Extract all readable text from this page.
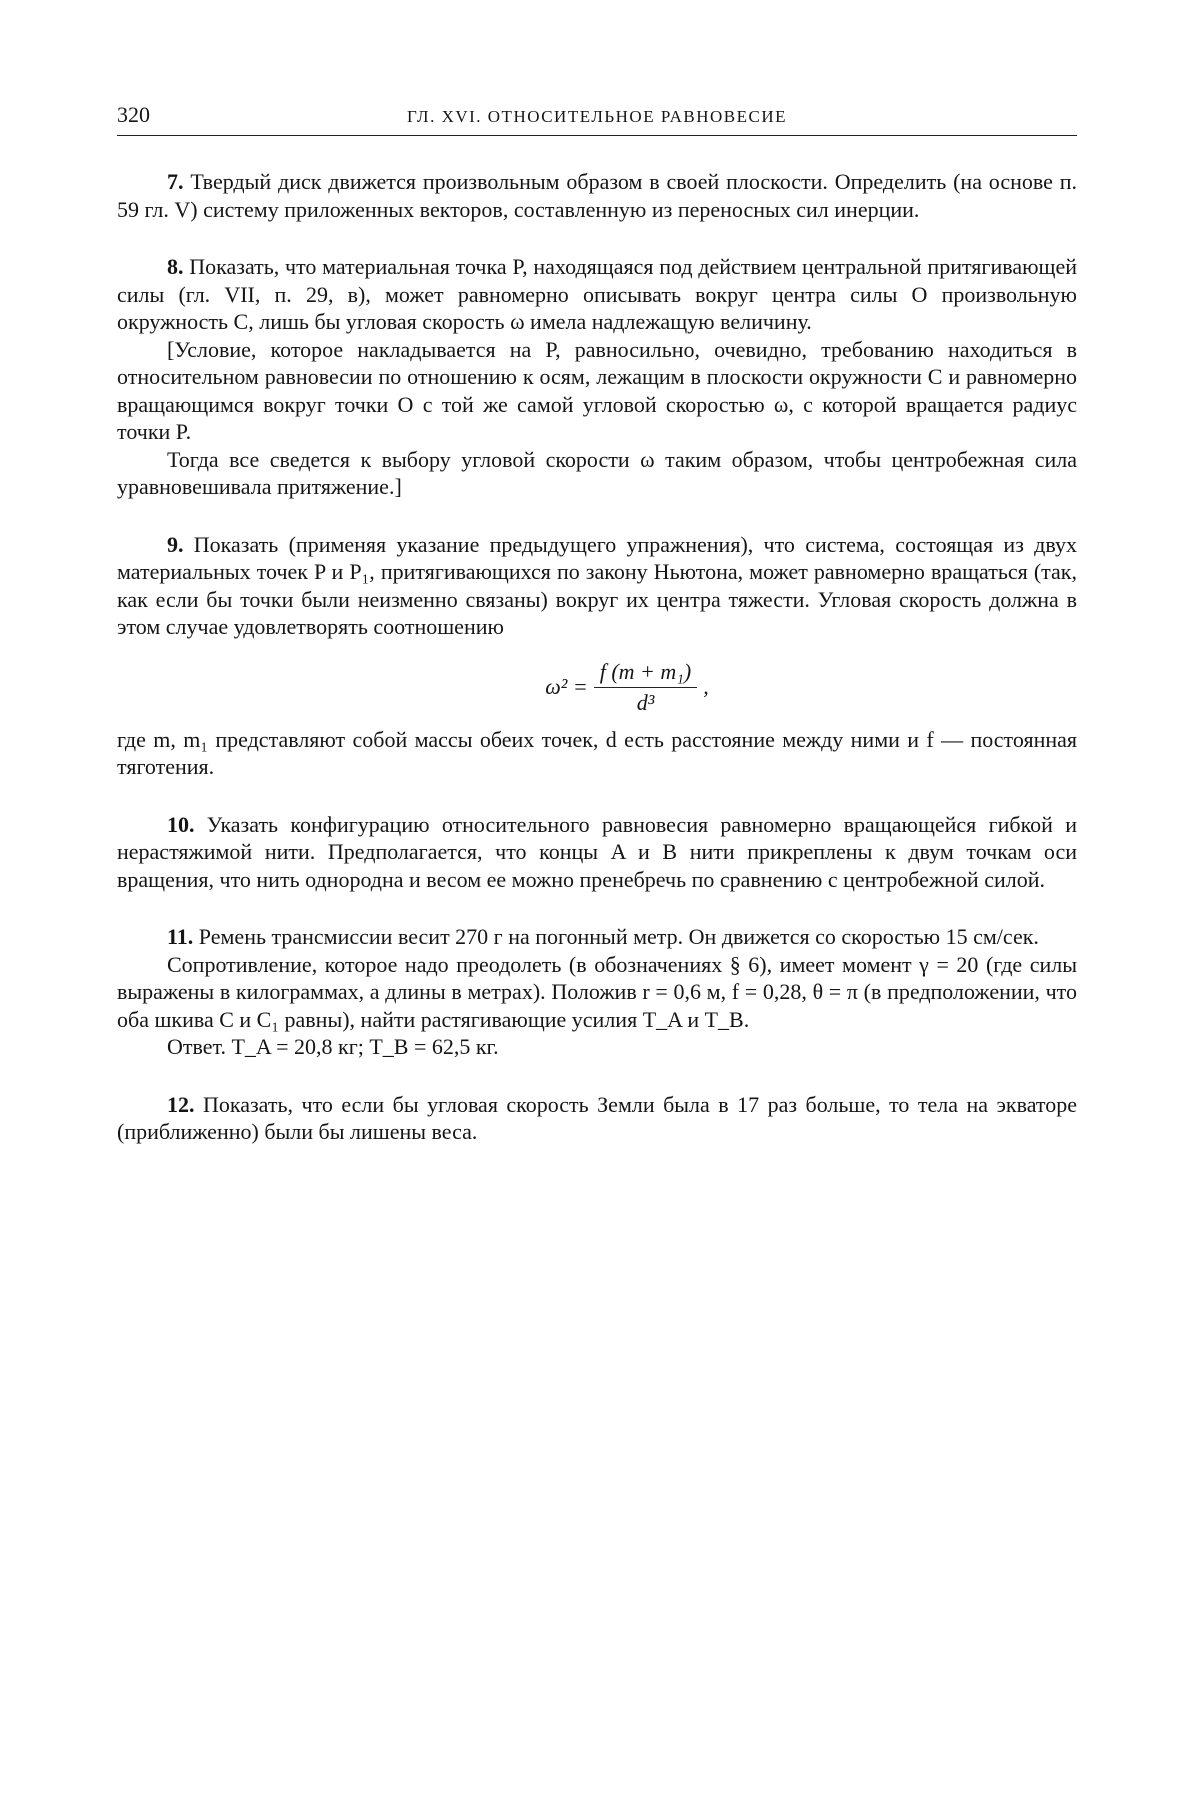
320	ГЛ. XVI. ОТНОСИТЕЛЬНОЕ РАВНОВЕСИЕ

7. Твердый диск движется произвольным образом в своей плоскости. Определить (на основе п. 59 гл. V) систему приложенных векторов, составленную из переносных сил инерции.

8. Показать, что материальная точка P, находящаяся под действием центральной притягивающей силы (гл. VII, п. 29, в), может равномерно описывать вокруг центра силы O произвольную окружность C, лишь бы угловая скорость ω имела надлежащую величину.

[Условие, которое накладывается на P, равносильно, очевидно, требованию находиться в относительном равновесии по отношению к осям, лежащим в плоскости окружности C и равномерно вращающимся вокруг точки O с той же самой угловой скоростью ω, с которой вращается радиус точки P.

Тогда все сведется к выбору угловой скорости ω таким образом, чтобы центробежная сила уравновешивала притяжение.]

9. Показать (применяя указание предыдущего упражнения), что система, состоящая из двух материальных точек P и P₁, притягивающихся по закону Ньютона, может равномерно вращаться (так, как если бы точки были неизменно связаны) вокруг их центра тяжести. Угловая скорость должна в этом случае удовлетворять соотношению

$\omega^2 = \frac{\text{f (m + m₁)}}{\text{d³}}$ ,

где m, m₁ представляют собой массы обеих точек, d есть расстояние между ними и f — постоянная тяготения.

10. Указать конфигурацию относительного равновесия равномерно вращающейся гибкой и нерастяжимой нити. Предполагается, что концы A и B нити прикреплены к двум точкам оси вращения, что нить однородна и весом ее можно пренебречь по сравнению с центробежной силой.

11. Ремень трансмиссии весит 270 г на погонный метр. Он движется со скоростью 15 см/сек.

Сопротивление, которое надо преодолеть (в обозначениях § 6), имеет момент γ = 20 (где силы выражены в килограммах, а длины в метрах). Положив r = 0,6 м, f = 0,28, θ = π (в предположении, что оба шкива C и C₁ равны), найти растягивающие усилия T_A и T_B.

Ответ. T_A = 20,8 кг; T_B = 62,5 кг.

12. Показать, что если бы угловая скорость Земли была в 17 раз больше, то тела на экваторе (приближенно) были бы лишены веса.
